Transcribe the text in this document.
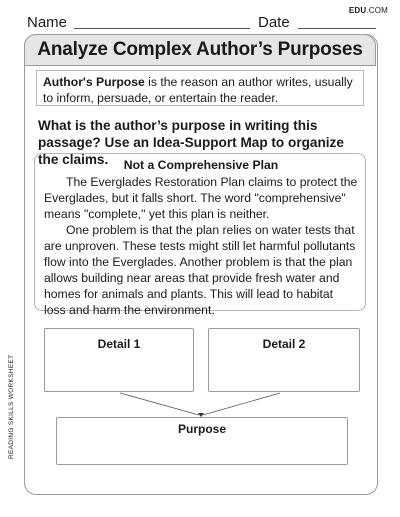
Name	Date
EDU.COM
Analyze Complex Author’s Purposes
Author's Purpose is the reason an author writes, usually to inform, persuade, or entertain the reader.
What is the author’s purpose in writing this passage? Use an Idea-Support Map to organize the claims.	Not a Comprehensive Plan

The Everglades Restoration Plan claims to protect the Everglades, but it falls short. The word "comprehensive" means "complete," yet this plan is neither.

One problem is that the plan relies on water tests that are unproven. These tests might still let harmful pollutants flow into the Everglades. Another problem is that the plan allows building near areas that provide fresh water and homes for animals and plants. This will lead to habitat loss and harm the environment.

Detail 1	Detail 2
Purpose
READING SKILLS WORKSHEET
